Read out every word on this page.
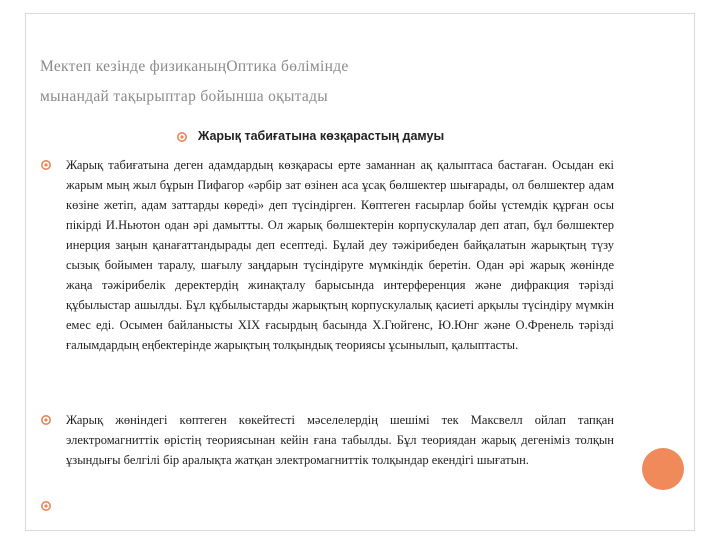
Мектеп кезінде физиканыңОптика бөлімінде
мынандай тақырыптар бойынша оқытады
Жарық табиғатына көзқарастың дамуы

Жарық табиғатына деген адамдардың көзқарасы ерте заманнан ақ қалыптаса бастаған. Осыдан екі жарым мың жыл бұрын Пифагор «әрбір зат өзінен аса ұсақ бөлшектер шығарады, ол бөлшектер адам көзіне жетіп, адам заттарды көреді» деп түсіндірген. Көптеген ғасырлар бойы үстемдік құрған осы пікірді И.Ньютон одан әрі дамытты. Ол жарық бөлшектерін корпускулалар деп атап, бұл бөлшектер инерция заңын қанағаттандырады деп есептеді. Бұлай деу тәжірибеден байқалатын жарықтың түзу сызық бойымен таралу, шағылу заңдарын түсіндіруге мүмкіндік беретін. Одан әрі жарық жөнінде жаңа тәжірибелік деректердің жинақталу барысында интерференция және дифракция тәрізді құбылыстар ашылды. Бұл құбылыстарды жарықтың корпускулалық қасиеті арқылы түсіндіру мүмкін емес еді. Осымен байланысты XIX ғасырдың басында Х.Гюйгенс, Ю.Юнг және О.Френель тәрізді ғалымдардың еңбектерінде жарықтың толқындық теориясы ұсынылып, қалыптасты.

Жарық жөніндегі көптеген көкейтесті мәселелердің шешімі тек Максвелл ойлап тапқан электромагниттік өрістің теориясынан кейін ғана табылды. Бұл теориядан жарық дегеніміз толқын ұзындығы белгілі бір аралықта жатқан электромагниттік толқындар екендігі шығатын.
